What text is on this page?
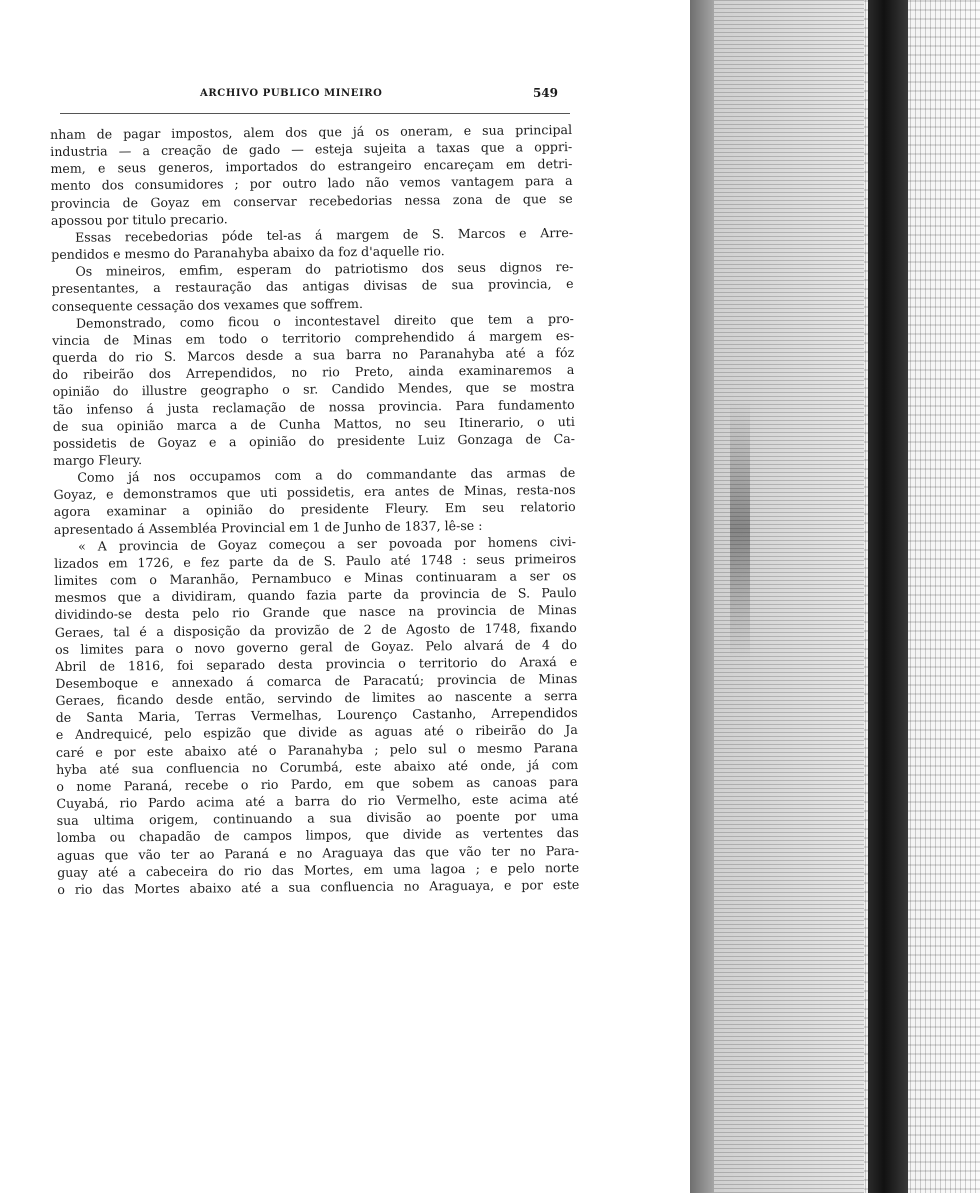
ARCHIVO PUBLICO MINEIRO	549
nham de pagar impostos, alem dos que já os oneram, e sua principal
industria — a creação de gado — esteja sujeita a taxas que a oppri-
mem, e seus generos, importados do estrangeiro encareçam em detri-
mento dos consumidores ; por outro lado não vemos vantagem para a
provincia de Goyaz em conservar recebedorias nessa zona de que se
apossou por titulo precario.
Essas recebedorias póde tel-as á margem de S. Marcos e Arre-
pendidos e mesmo do Paranahyba abaixo da foz d'aquelle rio.
Os mineiros, emfim, esperam do patriotismo dos seus dignos re-
presentantes, a restauração das antigas divisas de sua provincia, e
consequente cessação dos vexames que soffrem.
Demonstrado, como ficou o incontestavel direito que tem a pro-
vincia de Minas em todo o territorio comprehendido á margem es-
querda do rio S. Marcos desde a sua barra no Paranahyba até a fóz
do ribeirão dos Arrependidos, no rio Preto, ainda examinaremos a
opinião do illustre geographo o sr. Candido Mendes, que se mostra
tão infenso á justa reclamação de nossa provincia. Para fundamento
de sua opinião marca a de Cunha Mattos, no seu Itinerario, o uti
possidetis de Goyaz e a opinião do presidente Luiz Gonzaga de Ca-
margo Fleury.
Como já nos occupamos com a do commandante das armas de
Goyaz, e demonstramos que uti possidetis, era antes de Minas, resta-nos
agora examinar a opinião do presidente Fleury. Em seu relatorio
apresentado á Assembléa Provincial em 1 de Junho de 1837, lê-se :
« A provincia de Goyaz começou a ser povoada por homens civi-
lizados em 1726, e fez parte da de S. Paulo até 1748 : seus primeiros
limites com o Maranhão, Pernambuco e Minas continuaram a ser os
mesmos que a dividiram, quando fazia parte da provincia de S. Paulo
dividindo-se desta pelo rio Grande que nasce na provincia de Minas
Geraes, tal é a disposição da provizão de 2 de Agosto de 1748, fixando
os limites para o novo governo geral de Goyaz. Pelo alvará de 4 do
Abril de 1816, foi separado desta provincia o territorio do Araxá e
Desemboque e annexado á comarca de Paracatú; provincia de Minas
Geraes, ficando desde então, servindo de limites ao nascente a serra
de Santa Maria, Terras Vermelhas, Lourenço Castanho, Arrependidos
e Andrequicé, pelo espizão que divide as aguas até o ribeirão do Ja
caré e por este abaixo até o Paranahyba ; pelo sul o mesmo Parana
hyba até sua confluencia no Corumbá, este abaixo até onde, já com
o nome Paraná, recebe o rio Pardo, em que sobem as canoas para
Cuyabá, rio Pardo acima até a barra do rio Vermelho, este acima até
sua ultima origem, continuando a sua divisão ao poente por uma
lomba ou chapadão de campos limpos, que divide as vertentes das
aguas que vão ter ao Paraná e no Araguaya das que vão ter no Para-
guay até a cabeceira do rio das Mortes, em uma lagoa ; e pelo norte
o rio das Mortes abaixo até a sua confluencia no Araguaya, e por este
